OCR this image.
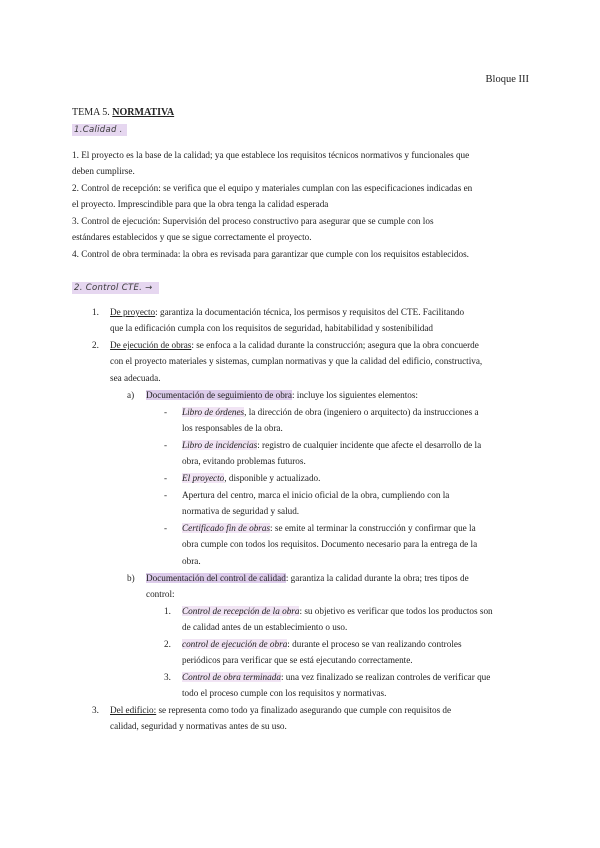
Bloque III
TEMA 5. NORMATIVA
1.Calidad .
1. El proyecto es la base de la calidad; ya que establece los requisitos técnicos normativos y funcionales que
deben cumplirse.
2. Control de recepción: se verifica que el equipo y materiales cumplan con las especificaciones indicadas en
el proyecto. Imprescindible para que la obra tenga la calidad esperada
3. Control de ejecución: Supervisión del proceso constructivo para asegurar que se cumple con los
estándares establecidos y que se sigue correctamente el proyecto.
4. Control de obra terminada: la obra es revisada para garantizar que cumple con los requisitos establecidos.
2. Control CTE. →
1. De proyecto: garantiza la documentación técnica, los permisos y requisitos del CTE. Facilitando
que la edificación cumpla con los requisitos de seguridad, habitabilidad y sostenibilidad
2. De ejecución de obras: se enfoca a la calidad durante la construcción; asegura que la obra concuerde
con el proyecto materiales y sistemas, cumplan normativas y que la calidad del edificio, constructiva,
sea adecuada.
a) Documentación de seguimiento de obra: incluye los siguientes elementos:
- Libro de órdenes, la dirección de obra (ingeniero o arquitecto) da instrucciones a
los responsables de la obra.
- Libro de incidencias: registro de cualquier incidente que afecte el desarrollo de la
obra, evitando problemas futuros.
- El proyecto, disponible y actualizado.
- Apertura del centro, marca el inicio oficial de la obra, cumpliendo con la
normativa de seguridad y salud.
- Certificado fin de obras: se emite al terminar la construcción y confirmar que la
obra cumple con todos los requisitos. Documento necesario para la entrega de la
obra.
b) Documentación del control de calidad: garantiza la calidad durante la obra; tres tipos de
control:
1. Control de recepción de la obra: su objetivo es verificar que todos los productos son
de calidad antes de un establecimiento o uso.
2. control de ejecución de obra: durante el proceso se van realizando controles
periódicos para verificar que se está ejecutando correctamente.
3. Control de obra terminada: una vez finalizado se realizan controles de verificar que
todo el proceso cumple con los requisitos y normativas.
3. Del edificio: se representa como todo ya finalizado asegurando que cumple con requisitos de
calidad, seguridad y normativas antes de su uso.
